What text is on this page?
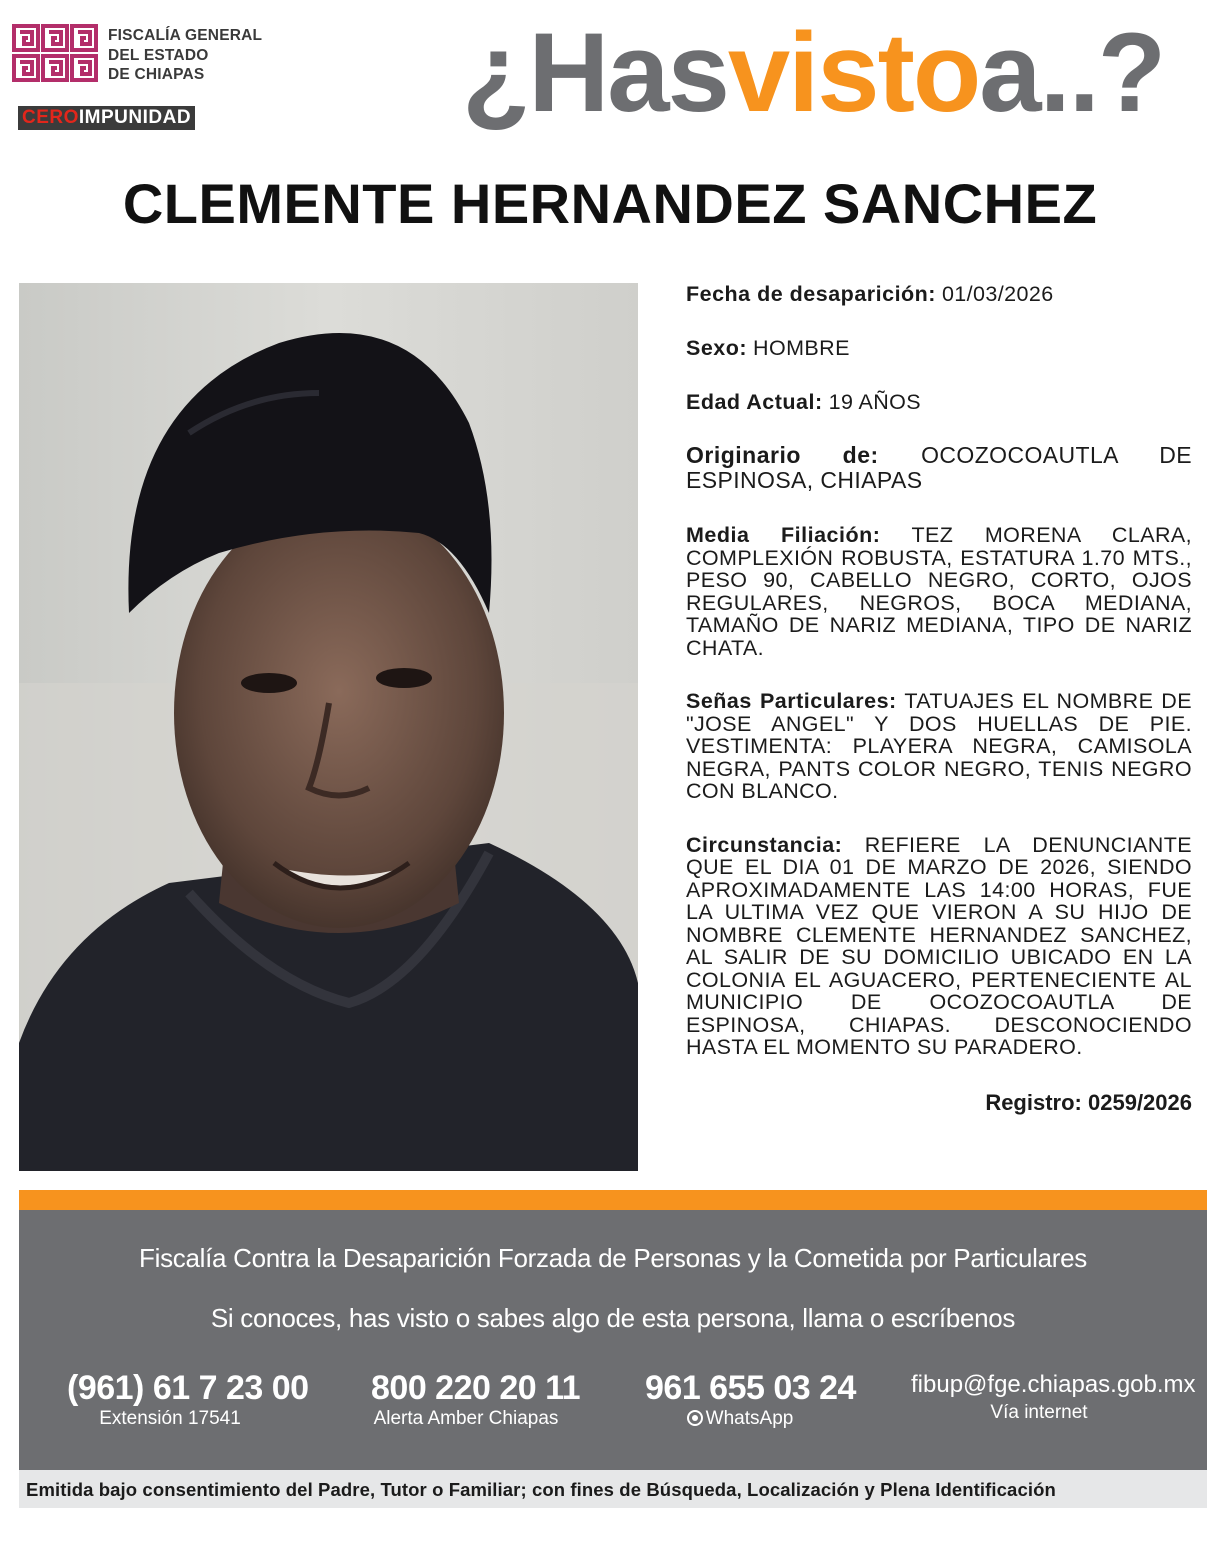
FISCALÍA GENERAL
DEL ESTADO
DE CHIAPAS
CEROIMPUNIDAD ¿Hasvistoa..?
CLEMENTE HERNANDEZ SANCHEZ
Fecha de desaparición: 01/03/2026
Sexo: HOMBRE
Edad Actual: 19 AÑOS
Originario de: OCOZOCOAUTLA DE ESPINOSA, CHIAPAS
Media Filiación: TEZ MORENA CLARA, COMPLEXIÓN ROBUSTA, ESTATURA 1.70 MTS., PESO 90, CABELLO NEGRO, CORTO, OJOS REGULARES, NEGROS, BOCA MEDIANA, TAMAÑO DE NARIZ MEDIANA, TIPO DE NARIZ CHATA.
Señas Particulares: TATUAJES EL NOMBRE DE "JOSE ANGEL" Y DOS HUELLAS DE PIE. VESTIMENTA: PLAYERA NEGRA, CAMISOLA NEGRA, PANTS COLOR NEGRO, TENIS NEGRO CON BLANCO.
Circunstancia: REFIERE LA DENUNCIANTE QUE EL DIA 01 DE MARZO DE 2026, SIENDO APROXIMADAMENTE LAS 14:00 HORAS, FUE LA ULTIMA VEZ QUE VIERON A SU HIJO DE NOMBRE CLEMENTE HERNANDEZ SANCHEZ, AL SALIR DE SU DOMICILIO UBICADO EN LA COLONIA EL AGUACERO, PERTENECIENTE AL MUNICIPIO DE OCOZOCOAUTLA DE ESPINOSA, CHIAPAS. DESCONOCIENDO HASTA EL MOMENTO SU PARADERO.
Registro: 0259/2026
Fiscalía Contra la Desaparición Forzada de Personas y la Cometida por Particulares
Si conoces, has visto o sabes algo de esta persona, llama o escríbenos
(961) 61 7 23 00
Extensión 17541
800 220 20 11
Alerta Amber Chiapas
961 655 03 24
WhatsApp
fibup@fge.chiapas.gob.mx
Vía internet
Emitida bajo consentimiento del Padre, Tutor o Familiar; con fines de Búsqueda, Localización y Plena Identificación
